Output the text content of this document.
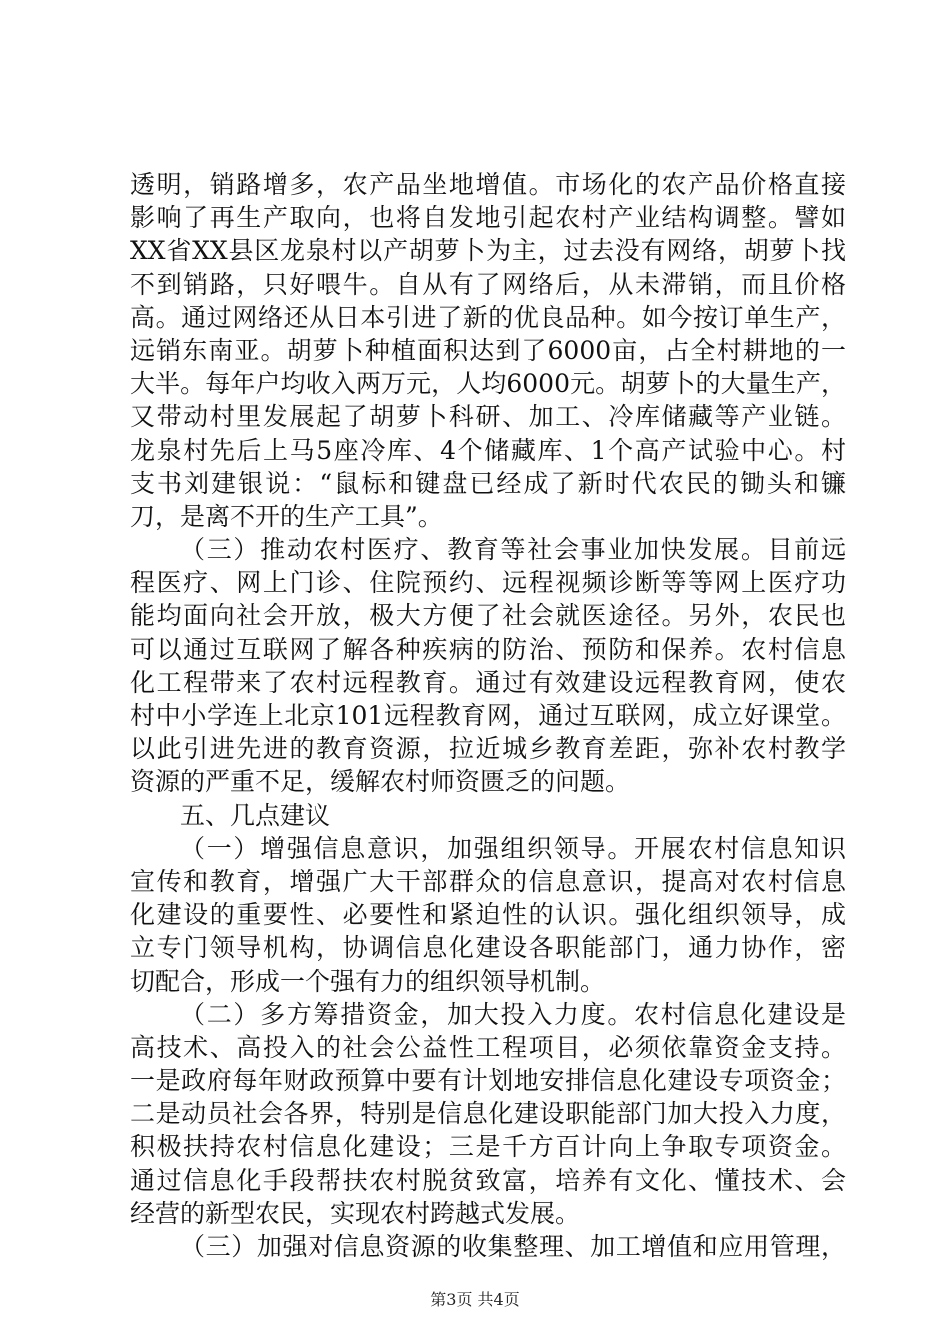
透明，销路增多，农产品坐地增值。市场化的农产品价格直接
影响了再生产取向，也将自发地引起农村产业结构调整。譬如
XX省XX县区龙泉村以产胡萝卜为主，过去没有网络，胡萝卜找
不到销路，只好喂牛。自从有了网络后，从未滞销，而且价格
高。通过网络还从日本引进了新的优良品种。如今按订单生产，
远销东南亚。胡萝卜种植面积达到了6000亩，占全村耕地的一
大半。每年户均收入两万元，人均6000元。胡萝卜的大量生产，
又带动村里发展起了胡萝卜科研、加工、冷库储藏等产业链。
龙泉村先后上马5座冷库、4个储藏库、1个高产试验中心。村
支书刘建银说：“鼠标和键盘已经成了新时代农民的锄头和镰
刀，是离不开的生产工具”。
（三）推动农村医疗、教育等社会事业加快发展。目前远
程医疗、网上门诊、住院预约、远程视频诊断等等网上医疗功
能均面向社会开放，极大方便了社会就医途径。另外，农民也
可以通过互联网了解各种疾病的防治、预防和保养。农村信息
化工程带来了农村远程教育。通过有效建设远程教育网，使农
村中小学连上北京101远程教育网，通过互联网，成立好课堂。
以此引进先进的教育资源，拉近城乡教育差距，弥补农村教学
资源的严重不足，缓解农村师资匮乏的问题。
五、几点建议
（一）增强信息意识，加强组织领导。开展农村信息知识
宣传和教育，增强广大干部群众的信息意识，提高对农村信息
化建设的重要性、必要性和紧迫性的认识。强化组织领导，成
立专门领导机构，协调信息化建设各职能部门，通力协作，密
切配合，形成一个强有力的组织领导机制。
（二）多方筹措资金，加大投入力度。农村信息化建设是
高技术、高投入的社会公益性工程项目，必须依靠资金支持。
一是政府每年财政预算中要有计划地安排信息化建设专项资金；
二是动员社会各界，特别是信息化建设职能部门加大投入力度，
积极扶持农村信息化建设；三是千方百计向上争取专项资金。
通过信息化手段帮扶农村脱贫致富，培养有文化、懂技术、会
经营的新型农民，实现农村跨越式发展。
（三）加强对信息资源的收集整理、加工增值和应用管理，
第3页 共4页
